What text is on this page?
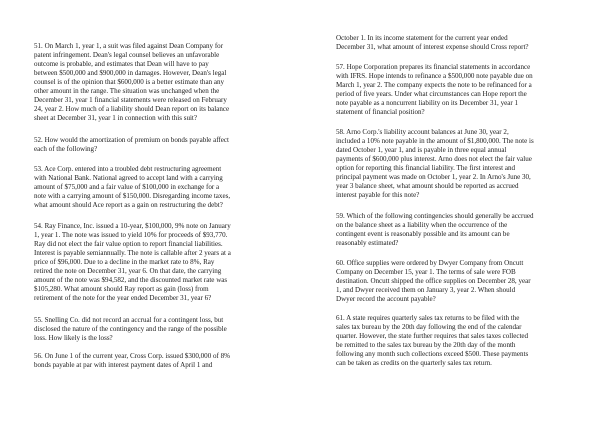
51. On March 1, year 1, a suit was filed against Dean Company for
patent infringement. Dean's legal counsel believes an unfavorable
outcome is probable, and estimates that Dean will have to pay
between $500,000 and $900,000 in damages. However, Dean's legal
counsel is of the opinion that $600,000 is a better estimate than any
other amount in the range. The situation was unchanged when the
December 31, year 1 financial statements were released on February
24, year 2. How much of a liability should Dean report on its balance
sheet at December 31, year 1 in connection with this suit?
52. How would the amortization of premium on bonds payable affect
each of the following?
53. Ace Corp. entered into a troubled debt restructuring agreement
with National Bank. National agreed to accept land with a carrying
amount of $75,000 and a fair value of $100,000 in exchange for a
note with a carrying amount of $150,000. Disregarding income taxes,
what amount should Ace report as a gain on restructuring the debt?
54. Ray Finance, Inc. issued a 10-year, $100,000, 9% note on January
1, year 1. The note was issued to yield 10% for proceeds of $93,770.
Ray did not elect the fair value option to report financial liabilities.
Interest is payable semiannually. The note is callable after 2 years at a
price of $96,000. Due to a decline in the market rate to 8%, Ray
retired the note on December 31, year 6. On that date, the carrying
amount of the note was $94,582, and the discounted market rate was
$105,280. What amount should Ray report as gain (loss) from
retirement of the note for the year ended December 31, year 6?
55. Snelling Co. did not record an accrual for a contingent loss, but
disclosed the nature of the contingency and the range of the possible
loss. How likely is the loss?
56. On June 1 of the current year, Cross Corp. issued $300,000 of 8%
bonds payable at par with interest payment dates of April 1 and
October 1. In its income statement for the current year ended
December 31, what amount of interest expense should Cross report?
57. Hope Corporation prepares its financial statements in accordance
with IFRS. Hope intends to refinance a $500,000 note payable due on
March 1, year 2. The company expects the note to be refinanced for a
period of five years. Under what circumstances can Hope report the
note payable as a noncurrent liability on its December 31, year 1
statement of financial position?
58. Arno Corp.'s liability account balances at June 30, year 2,
included a 10% note payable in the amount of $1,800,000. The note is
dated October 1, year 1, and is payable in three equal annual
payments of $600,000 plus interest. Arno does not elect the fair value
option for reporting this financial liability. The first interest and
principal payment was made on October 1, year 2. In Arno's June 30,
year 3 balance sheet, what amount should be reported as accrued
interest payable for this note?
59. Which of the following contingencies should generally be accrued
on the balance sheet as a liability when the occurrence of the
contingent event is reasonably possible and its amount can be
reasonably estimated?
60. Office supplies were ordered by Dwyer Company from Oncutt
Company on December 15, year 1. The terms of sale were FOB
destination. Oncutt shipped the office supplies on December 28, year
1, and Dwyer received them on January 3, year 2. When should
Dwyer record the account payable?
61. A state requires quarterly sales tax returns to be filed with the
sales tax bureau by the 20th day following the end of the calendar
quarter. However, the state further requires that sales taxes collected
be remitted to the sales tax bureau by the 20th day of the month
following any month such collections exceed $500. These payments
can be taken as credits on the quarterly sales tax return.
